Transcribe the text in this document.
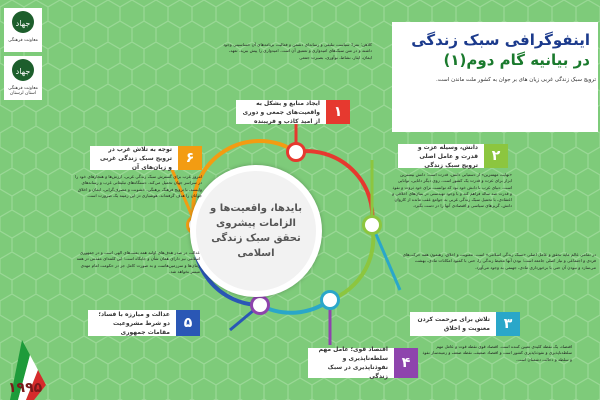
۱۹۹۵
جهاد
معاونت فرهنگی
جهاد
معاونت فرهنگی استان لرستان
اینفوگرافی سبک زندگی
در بیانیه گام دوم(۱)
ترویج سبک زندگی غربی زیان های بر جوان به کشور ملت ماندن است.
بایدها، واقعیت‌ها و الزامات پیشروی تحقق سبک زندگی اسلامی
کلاهن: نمرا: سیاست تبلیغی و رسانه‌ای دشمن و فعالیت برنامه‌های آن حساسیتی وجود داشته و در متن سبک‌های امیدواری و تعمیق آن است. امیدواری را پیش ببرید. تعهد، ایمان، ایثار، نشاط، نوآوری، بصیرت جمعی
۱
ایجاد منابع و بشکل به واقعیت‌های جمعی و دوری از امید کاذب و فریبنده
۲
دانش، وسیله عزت و قدرت و عامل اصلی ترویج سبک زندگی
«نهایت مهمترین» از دستیابی دانش، قدرت است: دانش بیشترین ابزار برای عزت و قدرت یک کشور است. روی دیگر دانایی، توانایی است. دنیای غرب با دانش خود بود که توانست برای خود ثروت و نفوذ و قدرت صد ساله فراهم کند و با وجود تهیدستی در بنیان‌های اخلاقی و اعتقادی، با تحمیل سبک زندگی غربی به جوامع عقب مانده از کاروان دانش، گریزهای سیاسی و اقتصادی آنها را در دست بگیرد.
در تمامی عالم مایه تحقق و عامل اصلی «سبک زندگی اسلامی» است. معنویت و اخلاق، رهنمون همه حرکت‌های فردی و اجتماعی و نیاز اصلی جامعه است؛ بودن آنها محیط زندگی را، حتی با کمبود امکانات مادی، بهشت می‌سازد و نبودن آن حتی با برخورداری مادی، جهنمی به وجود می‌آورد.
۳
تلاش برای مرحمت کردن معنویت و اخلاق
۴
اقتصاد قوی؛ عامل مهم سلطه‌ناپذیری و نفوذناپذیری در سبک زندگی
اقتصاد، یک نقطه کلیدی تعیین کننده است. اقتصاد قوی نقطه قوت و عامل مهم سلطه‌ناپذیری و نفوذناپذیری کشور است و اقتصاد ضعیف، نقطه ضعف و زمینه‌ساز نفوذ و سلطه و دخالت دشمنان است.
عدالت در صدر هدف‌های اولیه همه بعثت‌های الهی است و در جمهوری اسلامی نیز دارای همان شأن و جایگاه است؛ این کلمه‌ای مقدس در همه زمان‌ها و سرزمین‌هاست و به صورت کامل جز در حکومت امام مهدی میسر نخواهد شد.
۵
عدالت و مبارزه با فساد؛ دو شرط مشروعیت مقامات جمهوری
۶
توجه به تلاش غرب در ترویج سبک زندگی غربی و زیان‌های آن
امروز غرب برای گسترش سبک زندگی غربی، ارزش‌ها و هنجارهای خود را در سراسر جهان تحمیل می‌کند. دستگاه‌های تبلیغاتی غرب و رسانه‌های وابسته، با ترویج فرهنگ برهنگی، خشونت و مصرف‌گرایی، ایمان و اخلاق جوانان را هدف گرفته‌اند. هوشیاری در این زمینه یک ضرورت است.
